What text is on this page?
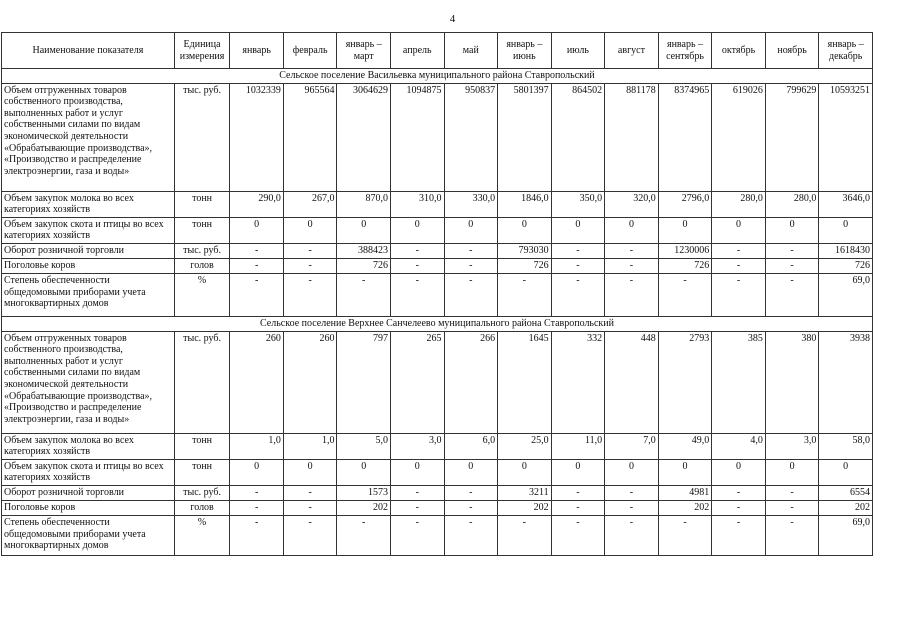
4
Наименование показателя	Единица измерения	январь	февраль	январь – март	апрель	май	январь – июнь	июль	август	январь – сентябрь	октябрь	ноябрь	январь – декабрь
Сельское поселение Васильевка муниципального района Ставропольский													
Объем отгруженных товаров собственного производства, выполненных работ и услуг собственными силами по видам экономической деятельности «Обрабатывающие производства», «Производство и распределение электроэнергии, газа и воды»	тыс. руб.	1032339	965564	3064629	1094875	950837	5801397	864502	881178	8374965	619026	799629	10593251
Объем закупок молока во всех категориях хозяйств	тонн	290,0	267,0	870,0	310,0	330,0	1846,0	350,0	320,0	2796,0	280,0	280,0	3646,0
Объем закупок скота и птицы во всех категориях хозяйств	тонн	0	0	0	0	0	0	0	0	0	0	0	0
Оборот розничной торговли	тыс. руб.	-	-	388423	-	-	793030	-	-	1230006	-	-	1618430
Поголовье коров	голов	-	-	726	-	-	726	-	-	726	-	-	726
Степень обеспеченности общедомовыми приборами учета многоквартирных домов	%	-	-	-	-	-	-	-	-	-	-	-	69,0
Сельское поселение Верхнее Санчелеево муниципального района Ставропольский													
Объем отгруженных товаров собственного производства, выполненных работ и услуг собственными силами по видам экономической деятельности «Обрабатывающие производства», «Производство и распределение электроэнергии, газа и воды»	тыс. руб.	260	260	797	265	266	1645	332	448	2793	385	380	3938
Объем закупок молока во всех категориях хозяйств	тонн	1,0	1,0	5,0	3,0	6,0	25,0	11,0	7,0	49,0	4,0	3,0	58,0
Объем закупок скота и птицы во всех категориях хозяйств	тонн	0	0	0	0	0	0	0	0	0	0	0	0
Оборот розничной торговли	тыс. руб.	-	-	1573	-	-	3211	-	-	4981	-	-	6554
Поголовье коров	голов	-	-	202	-	-	202	-	-	202	-	-	202
Степень обеспеченности общедомовыми приборами учета многоквартирных домов	%	-	-	-	-	-	-	-	-	-	-	-	69,0
